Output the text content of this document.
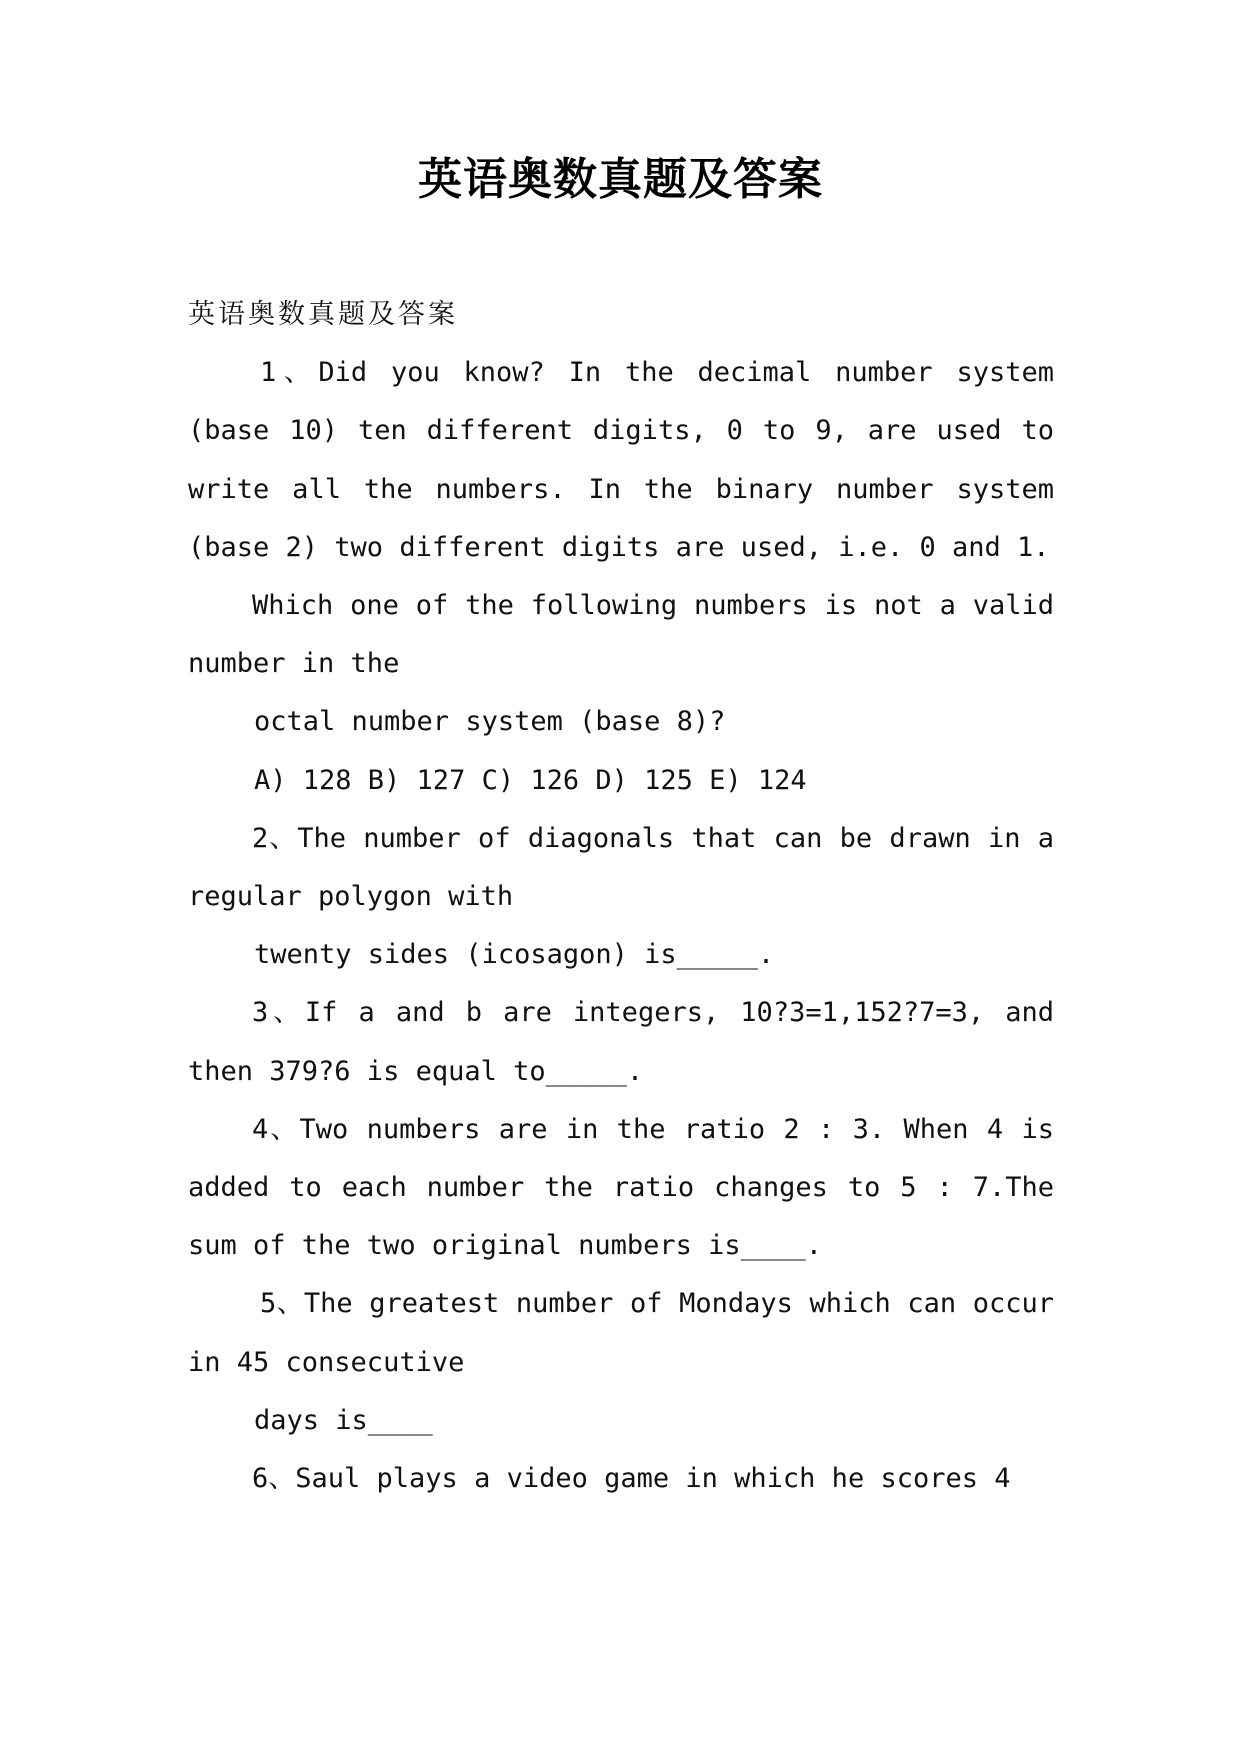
英语奥数真题及答案

英语奥数真题及答案

1、Did you know? In the decimal number system (base 10) ten different digits, 0 to 9, are used to write all the numbers. In the binary number system (base 2) two different digits are used, i.e. 0 and 1.

Which one of the following numbers is not a valid number in the

octal number system (base 8)?

A) 128 B) 127 C) 126 D) 125 E) 124

2、The number of diagonals that can be drawn in a regular polygon with

twenty sides (icosagon) is_____.

3、If a and b are integers, 10?3=1,152?7=3, and then 379?6 is equal to_____.

4、Two numbers are in the ratio 2 : 3. When 4 is added to each number the ratio changes to 5 : 7.The sum of the two original numbers is____.

5、The greatest number of Mondays which can occur in 45 consecutive

days is____

6、Saul plays a video game in which he scores 4
